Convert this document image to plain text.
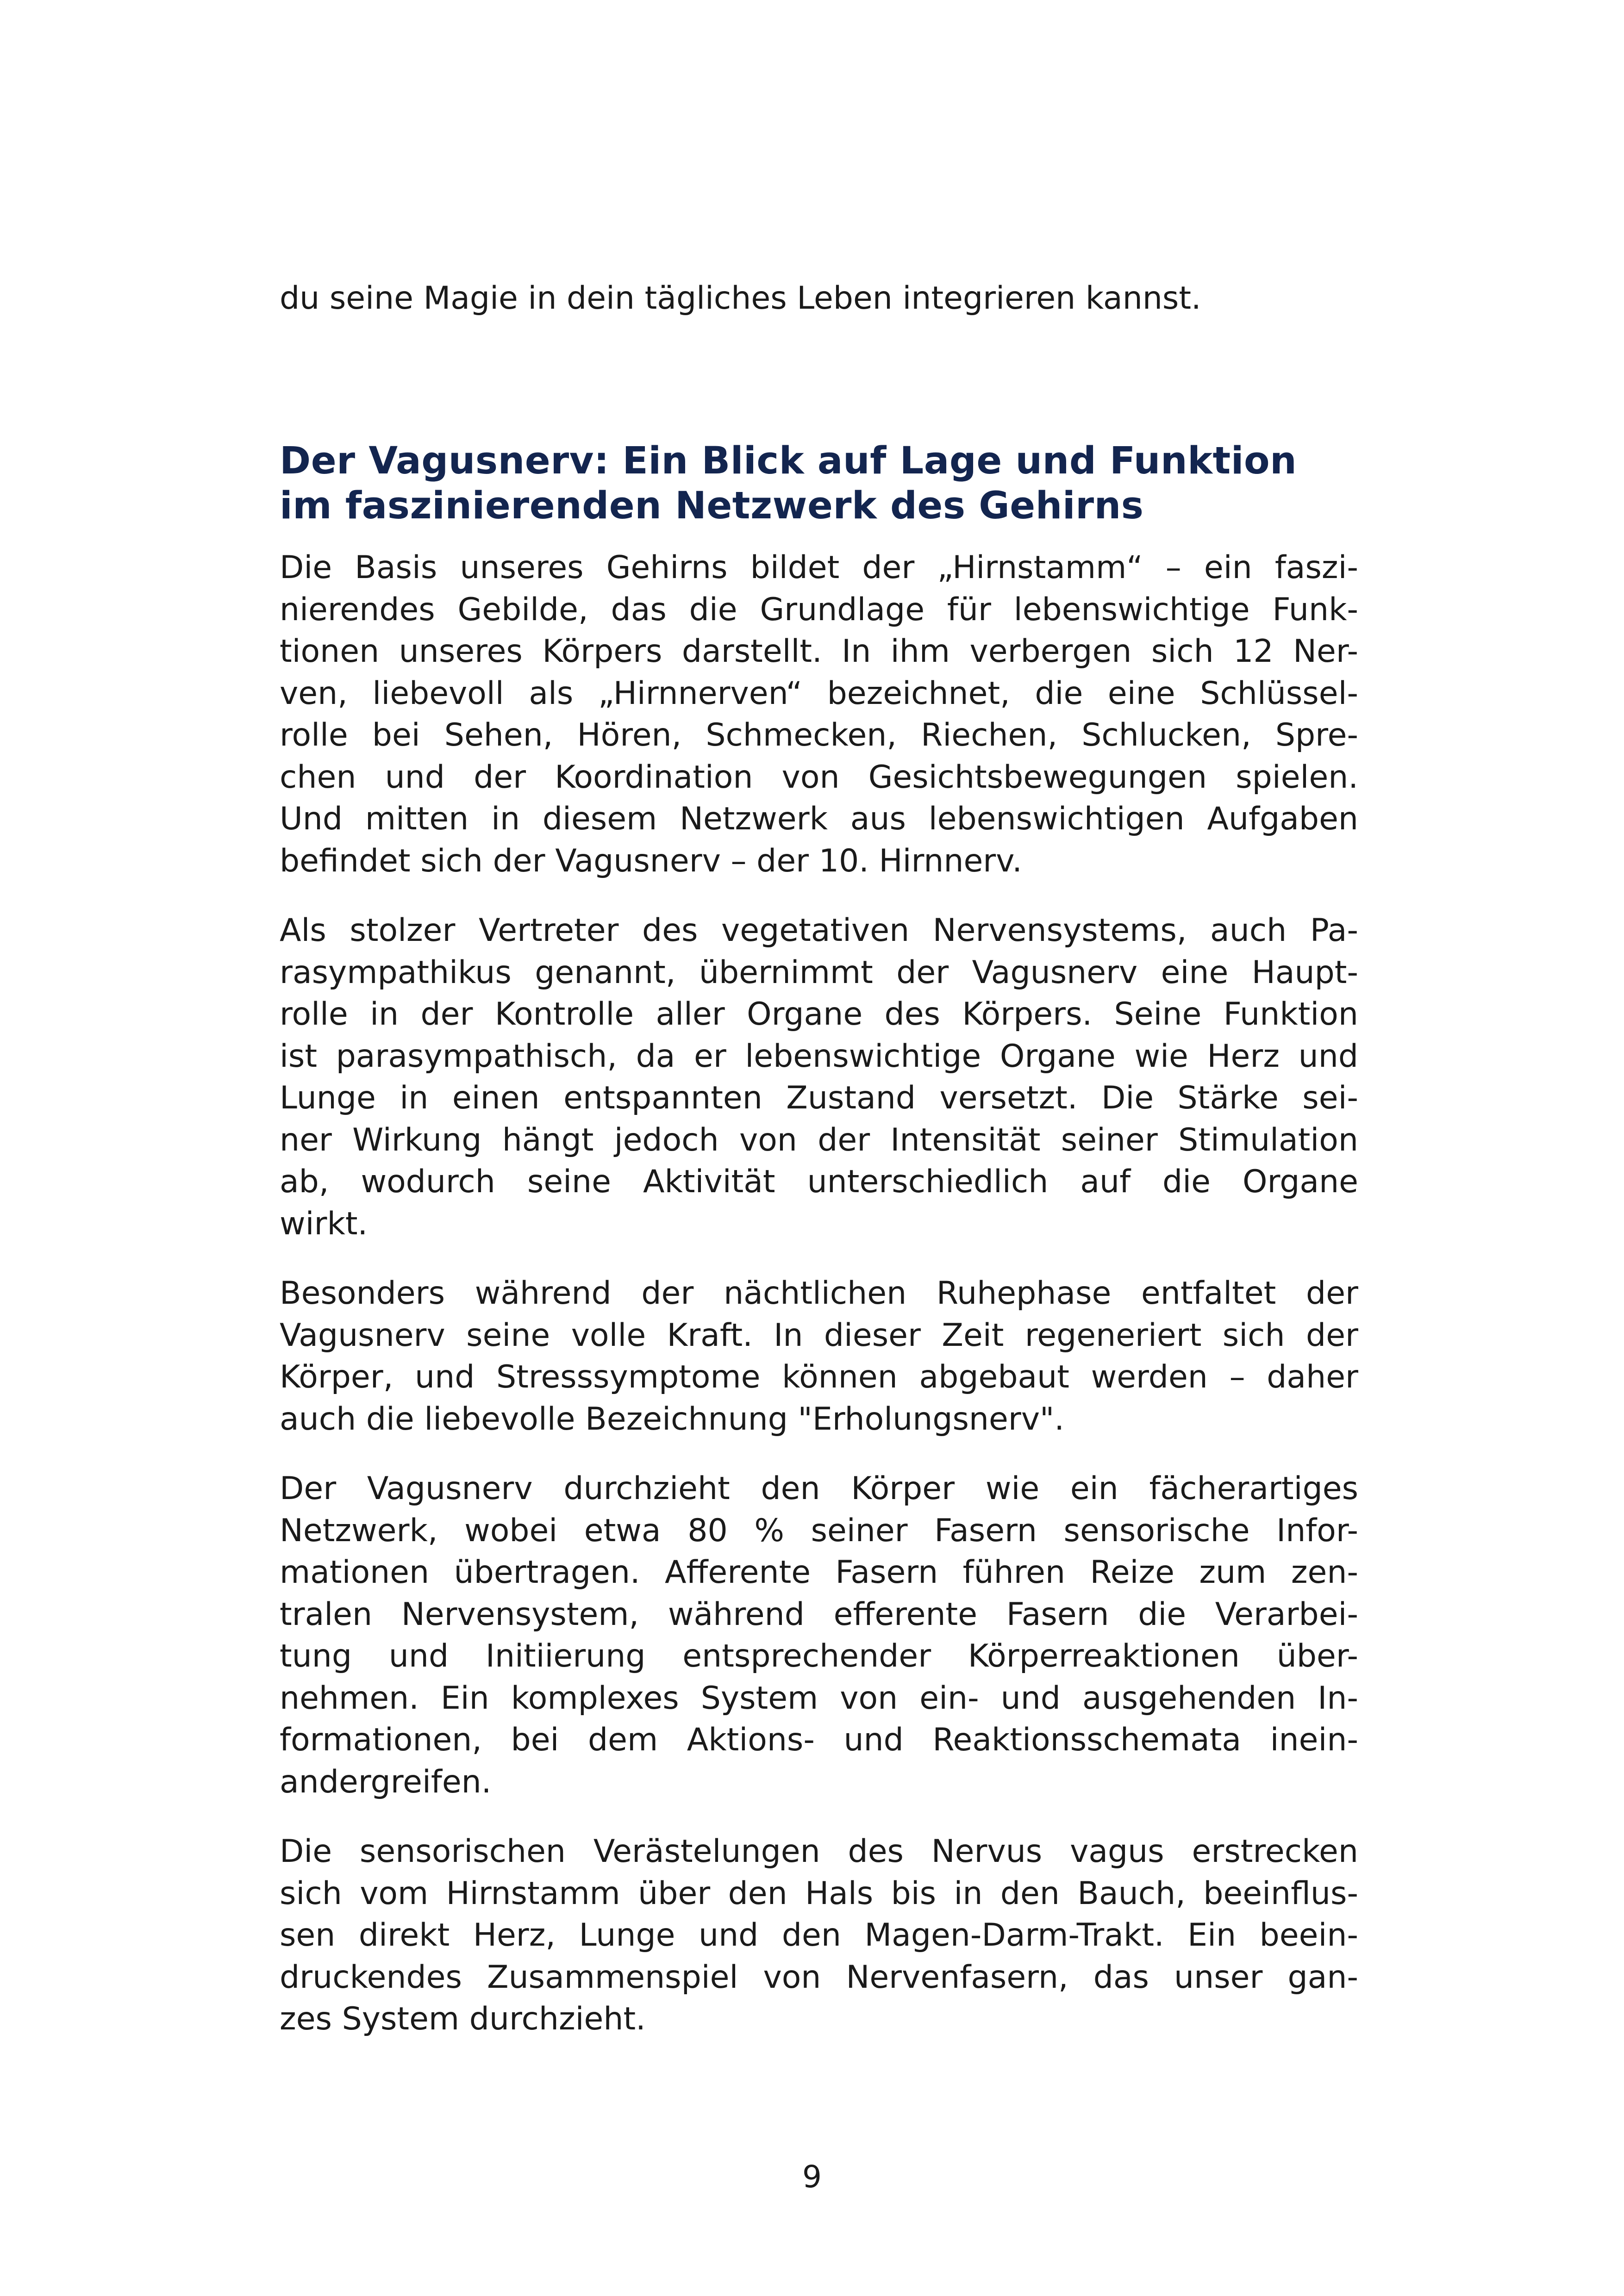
du seine Magie in dein tägliches Leben integrieren kannst.

Der Vagusnerv: Ein Blick auf Lage und Funktion
im faszinierenden Netzwerk des Gehirns
Die Basis unseres Gehirns bildet der „Hirnstamm“ – ein faszi-
nierendes Gebilde, das die Grundlage für lebenswichtige Funk-
tionen unseres Körpers darstellt. In ihm verbergen sich 12 Ner-
ven, liebevoll als „Hirnnerven“ bezeichnet, die eine Schlüssel-
rolle bei Sehen, Hören, Schmecken, Riechen, Schlucken, Spre-
chen und der Koordination von Gesichtsbewegungen spielen.
Und mitten in diesem Netzwerk aus lebenswichtigen Aufgaben
befindet sich der Vagusnerv – der 10. Hirnnerv.
Als stolzer Vertreter des vegetativen Nervensystems, auch Pa-
rasympathikus genannt, übernimmt der Vagusnerv eine Haupt-
rolle in der Kontrolle aller Organe des Körpers. Seine Funktion
ist parasympathisch, da er lebenswichtige Organe wie Herz und
Lunge in einen entspannten Zustand versetzt. Die Stärke sei-
ner Wirkung hängt jedoch von der Intensität seiner Stimulation
ab, wodurch seine Aktivität unterschiedlich auf die Organe
wirkt.
Besonders während der nächtlichen Ruhephase entfaltet der
Vagusnerv seine volle Kraft. In dieser Zeit regeneriert sich der
Körper, und Stresssymptome können abgebaut werden – daher
auch die liebevolle Bezeichnung "Erholungsnerv".
Der Vagusnerv durchzieht den Körper wie ein fächerartiges
Netzwerk, wobei etwa 80 % seiner Fasern sensorische Infor-
mationen übertragen. Afferente Fasern führen Reize zum zen-
tralen Nervensystem, während efferente Fasern die Verarbei-
tung und Initiierung entsprechender Körperreaktionen über-
nehmen. Ein komplexes System von ein- und ausgehenden In-
formationen, bei dem Aktions- und Reaktionsschemata inein-
andergreifen.
Die sensorischen Verästelungen des Nervus vagus erstrecken
sich vom Hirnstamm über den Hals bis in den Bauch, beeinflus-
sen direkt Herz, Lunge und den Magen-Darm-Trakt. Ein beein-
druckendes Zusammenspiel von Nervenfasern, das unser gan-
zes System durchzieht.
9
